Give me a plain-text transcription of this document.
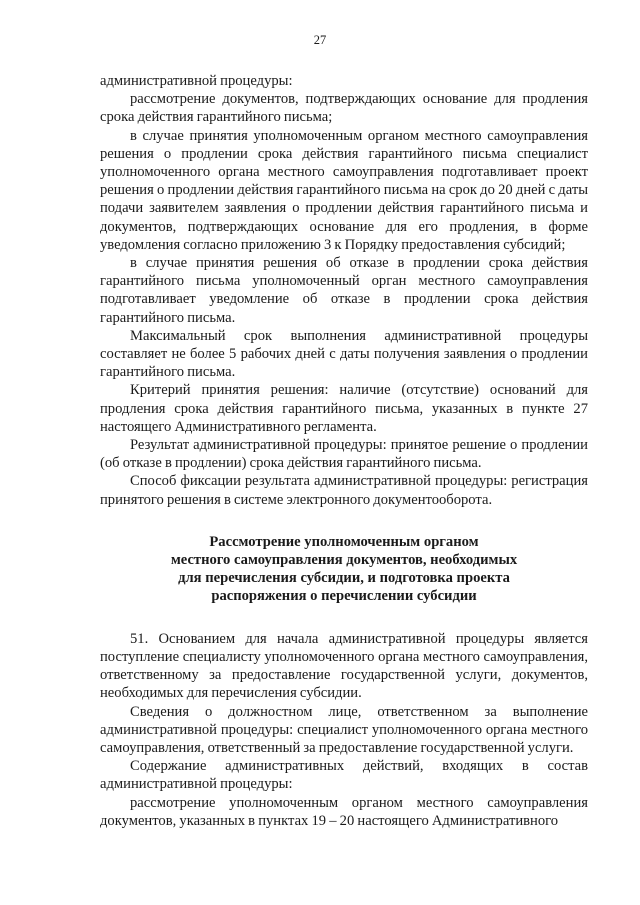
27

административной процедуры:

рассмотрение документов, подтверждающих основание для продления срока действия гарантийного письма;

в случае принятия уполномоченным органом местного самоуправления решения о продлении срока действия гарантийного письма специалист уполномоченного органа местного самоуправления подготавливает проект решения о продлении действия гарантийного письма на срок до 20 дней с даты подачи заявителем заявления о продлении действия гарантийного письма и документов, подтверждающих основание для его продления, в форме уведомления согласно приложению 3 к Порядку предоставления субсидий;

в случае принятия решения об отказе в продлении срока действия гарантийного письма уполномоченный орган местного самоуправления подготавливает уведомление об отказе в продлении срока действия гарантийного письма.

Максимальный срок выполнения административной процедуры составляет не более 5 рабочих дней с даты получения заявления о продлении гарантийного письма.

Критерий принятия решения: наличие (отсутствие) оснований для продления срока действия гарантийного письма, указанных в пункте 27 настоящего Административного регламента.

Результат административной процедуры: принятое решение о продлении (об отказе в продлении) срока действия гарантийного письма.

Способ фиксации результата административной процедуры: регистрация принятого решения в системе электронного документооборота.

Рассмотрение уполномоченным органом
местного самоуправления документов, необходимых
для перечисления субсидии, и подготовка проекта
распоряжения о перечислении субсидии

51. Основанием для начала административной процедуры является поступление специалисту уполномоченного органа местного самоуправления, ответственному за предоставление государственной услуги, документов, необходимых для перечисления субсидии.

Сведения о должностном лице, ответственном за выполнение административной процедуры: специалист уполномоченного органа местного самоуправления, ответственный за предоставление государственной услуги.

Содержание административных действий, входящих в состав административной процедуры:

рассмотрение уполномоченным органом местного самоуправления документов, указанных в пунктах 19 – 20 настоящего Административного
